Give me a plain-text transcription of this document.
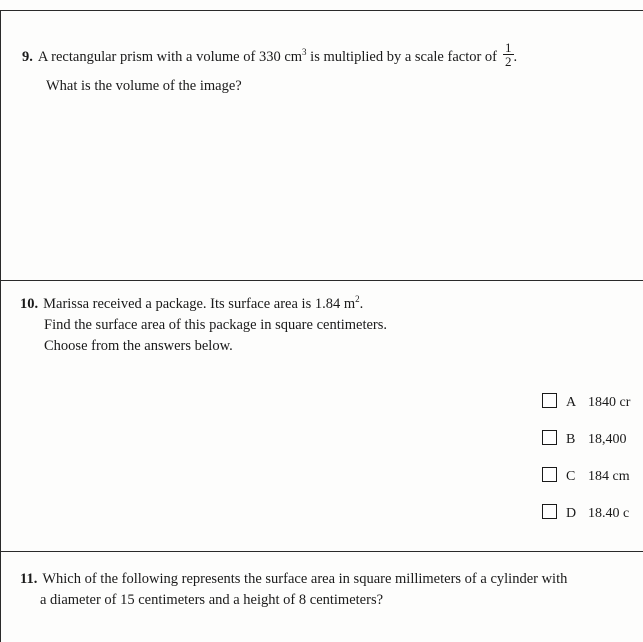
9. A rectangular prism with a volume of 330 $cm^3$ is multiplied by a scale factor of $\frac{1}{2}$ .
What is the volume of the image?
10. Marissa received a package. Its surface area is 1.84 $m^2$.
Find the surface area of this package in square centimeters.
Choose from the answers below.
A 1840 cr
B 18,400
C 184 cm
D 18.40 c
11. Which of the following represents the surface area in square millimeters of a cylinder with
a diameter of 15 centimeters and a height of 8 centimeters?
